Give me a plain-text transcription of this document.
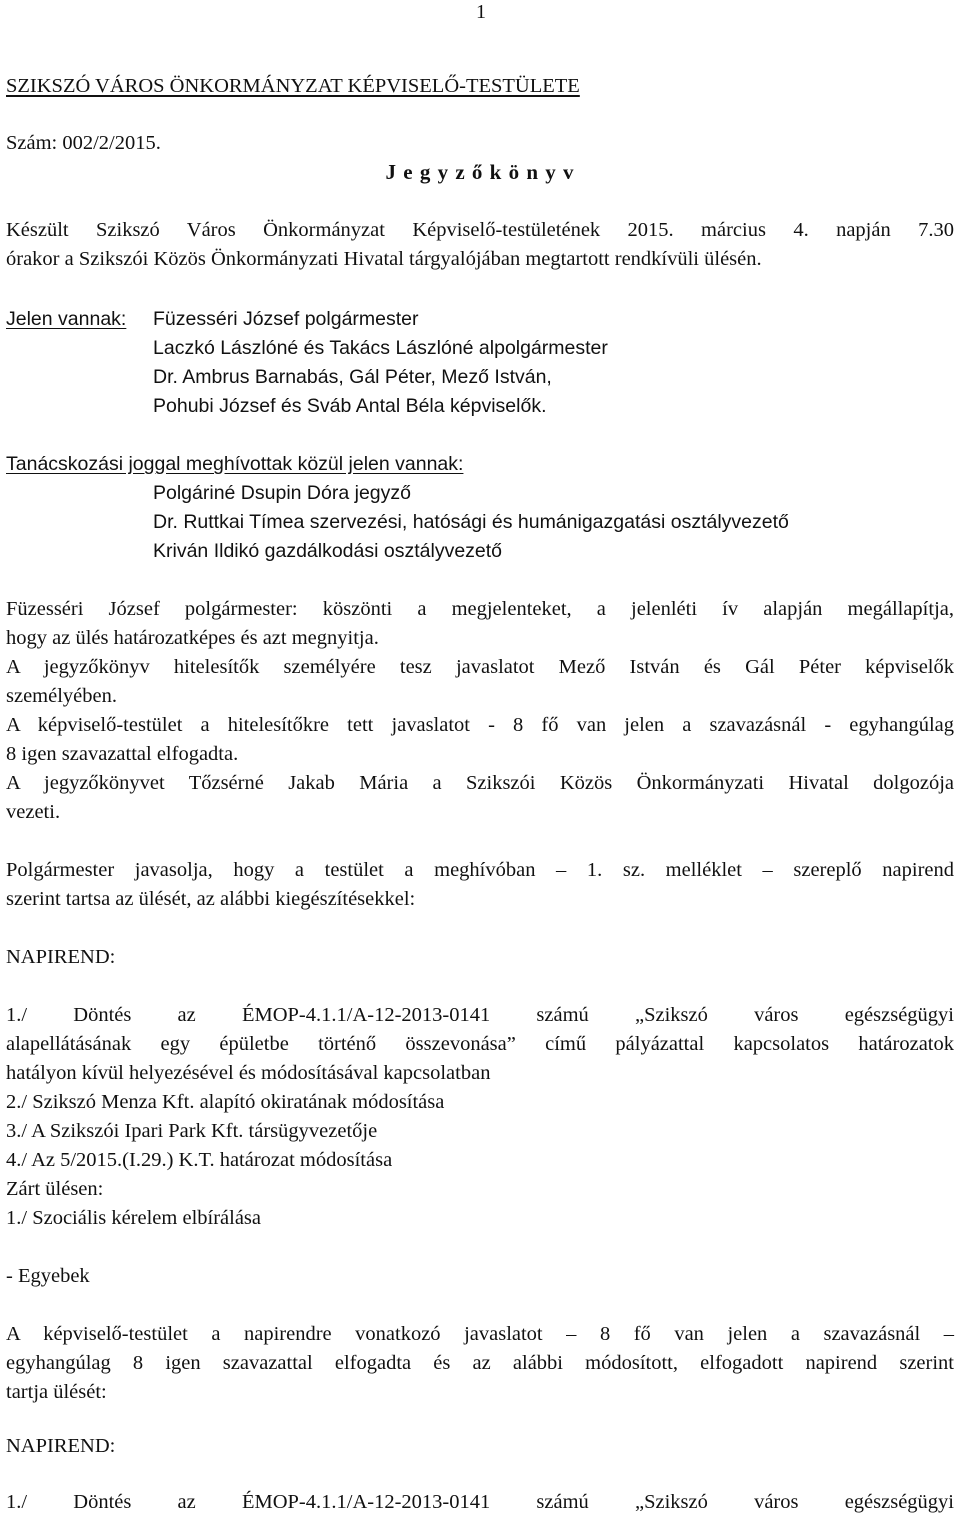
1
SZIKSZÓ VÁROS ÖNKORMÁNYZAT KÉPVISELŐ-TESTÜLETE
Szám: 002/2/2015.
J e g y z ő k ö n y v
Készült Szikszó Város Önkormányzat Képviselő-testületének 2015. március 4. napján 7.30
órakor a Szikszói Közös Önkormányzati Hivatal tárgyalójában megtartott rendkívüli ülésén.
Jelen vannak: Füzesséri József polgármester
Laczkó Lászlóné és Takács Lászlóné alpolgármester
Dr. Ambrus Barnabás, Gál Péter, Mező István,
Pohubi József és Sváb Antal Béla képviselők.
Tanácskozási joggal meghívottak közül jelen vannak:
Polgáriné Dsupin Dóra jegyző
Dr. Ruttkai Tímea szervezési, hatósági és humánigazgatási osztályvezető
Kriván Ildikó gazdálkodási osztályvezető
Füzesséri József polgármester: köszönti a megjelenteket, a jelenléti ív alapján megállapítja,
hogy az ülés határozatképes és azt megnyitja.
A jegyzőkönyv hitelesítők személyére tesz javaslatot Mező István és Gál Péter képviselők
személyében.
A képviselő-testület a hitelesítőkre tett javaslatot - 8 fő van jelen a szavazásnál - egyhangúlag
8 igen szavazattal elfogadta.
A jegyzőkönyvet Tőzsérné Jakab Mária a Szikszói Közös Önkormányzati Hivatal dolgozója
vezeti.
Polgármester javasolja, hogy a testület a meghívóban – 1. sz. melléklet – szereplő napirend
szerint tartsa az ülését, az alábbi kiegészítésekkel:
NAPIREND:
1./ Döntés az ÉMOP-4.1.1/A-12-2013-0141 számú „Szikszó város egészségügyi
alapellátásának egy épületbe történő összevonása” című pályázattal kapcsolatos határozatok
hatályon kívül helyezésével és módosításával kapcsolatban
2./ Szikszó Menza Kft. alapító okiratának módosítása
3./ A Szikszói Ipari Park Kft. társügyvezetője
4./ Az 5/2015.(I.29.) K.T. határozat módosítása
Zárt ülésen:
1./ Szociális kérelem elbírálása
- Egyebek
A képviselő-testület a napirendre vonatkozó javaslatot – 8 fő van jelen a szavazásnál –
egyhangúlag 8 igen szavazattal elfogadta és az alábbi módosított, elfogadott napirend szerint
tartja ülését:
NAPIREND:
1./ Döntés az ÉMOP-4.1.1/A-12-2013-0141 számú „Szikszó város egészségügyi
